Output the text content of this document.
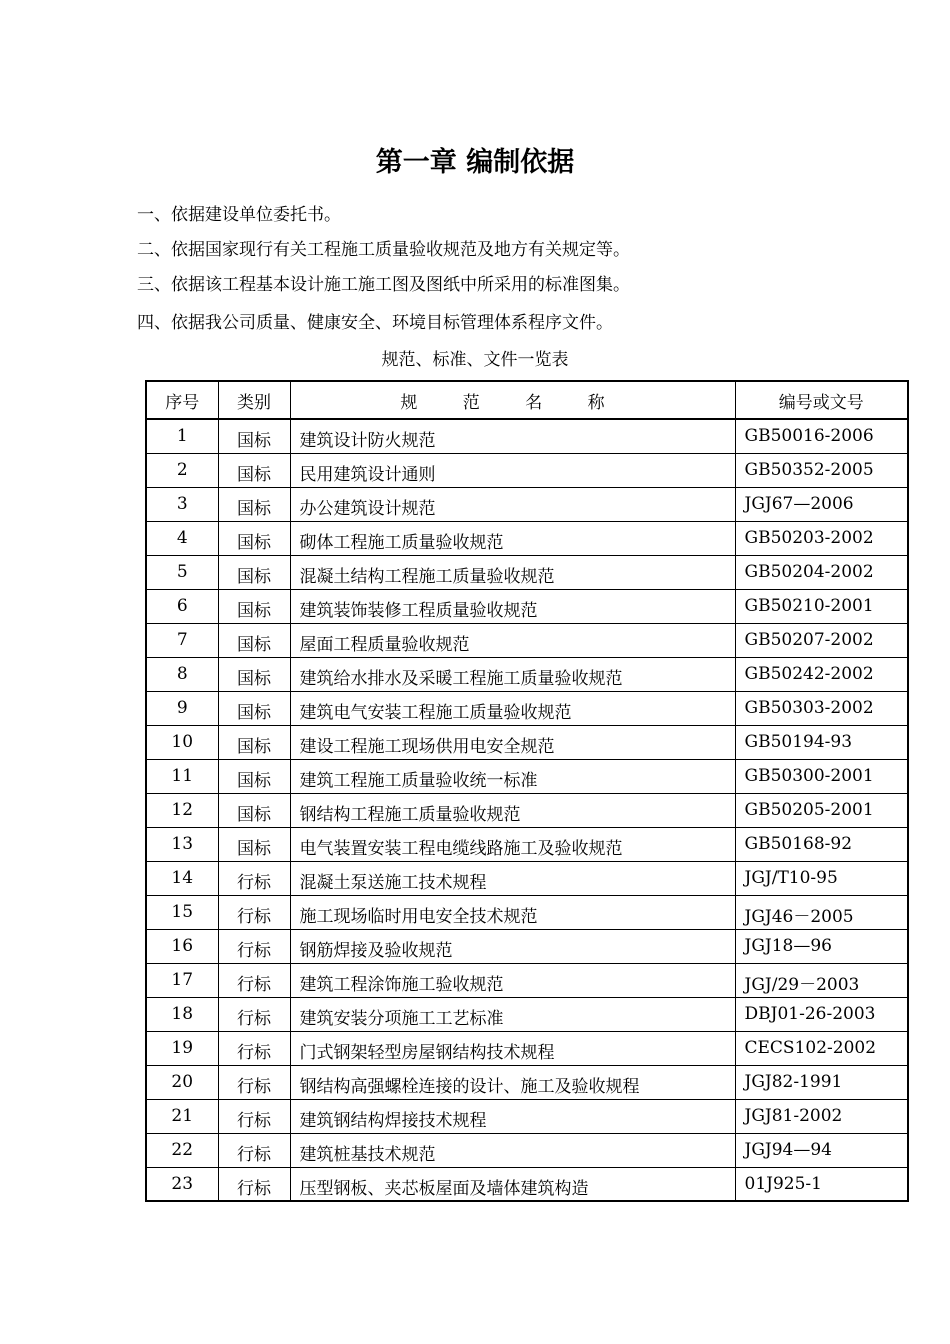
第一章 编制依据
一、依据建设单位委托书。
二、依据国家现行有关工程施工质量验收规范及地方有关规定等。
三、依据该工程基本设计施工施工图及图纸中所采用的标准图集。
四、依据我公司质量、健康安全、环境目标管理体系程序文件。
规范、标准、文件一览表
序号	类别	规 范 名 称	编号或文号
1	国标	建筑设计防火规范	GB50016-2006
2	国标	民用建筑设计通则	GB50352-2005
3	国标	办公建筑设计规范	JGJ67—2006
4	国标	砌体工程施工质量验收规范	GB50203-2002
5	国标	混凝土结构工程施工质量验收规范	GB50204-2002
6	国标	建筑装饰装修工程质量验收规范	GB50210-2001
7	国标	屋面工程质量验收规范	GB50207-2002
8	国标	建筑给水排水及采暖工程施工质量验收规范	GB50242-2002
9	国标	建筑电气安装工程施工质量验收规范	GB50303-2002
10	国标	建设工程施工现场供用电安全规范	GB50194-93
11	国标	建筑工程施工质量验收统一标准	GB50300-2001
12	国标	钢结构工程施工质量验收规范	GB50205-2001
13	国标	电气装置安装工程电缆线路施工及验收规范	GB50168-92
14	行标	混凝土泵送施工技术规程	JGJ/T10-95
15	行标	施工现场临时用电安全技术规范	JGJ46－2005
16	行标	钢筋焊接及验收规范	JGJ18—96
17	行标	建筑工程涂饰施工验收规范	JGJ/29－2003
18	行标	建筑安装分项施工工艺标准	DBJ01-26-2003
19	行标	门式钢架轻型房屋钢结构技术规程	CECS102-2002
20	行标	钢结构高强螺栓连接的设计、施工及验收规程	JGJ82-1991
21	行标	建筑钢结构焊接技术规程	JGJ81-2002
22	行标	建筑桩基技术规范	JGJ94—94
23	行标	压型钢板、夹芯板屋面及墙体建筑构造	01J925-1
